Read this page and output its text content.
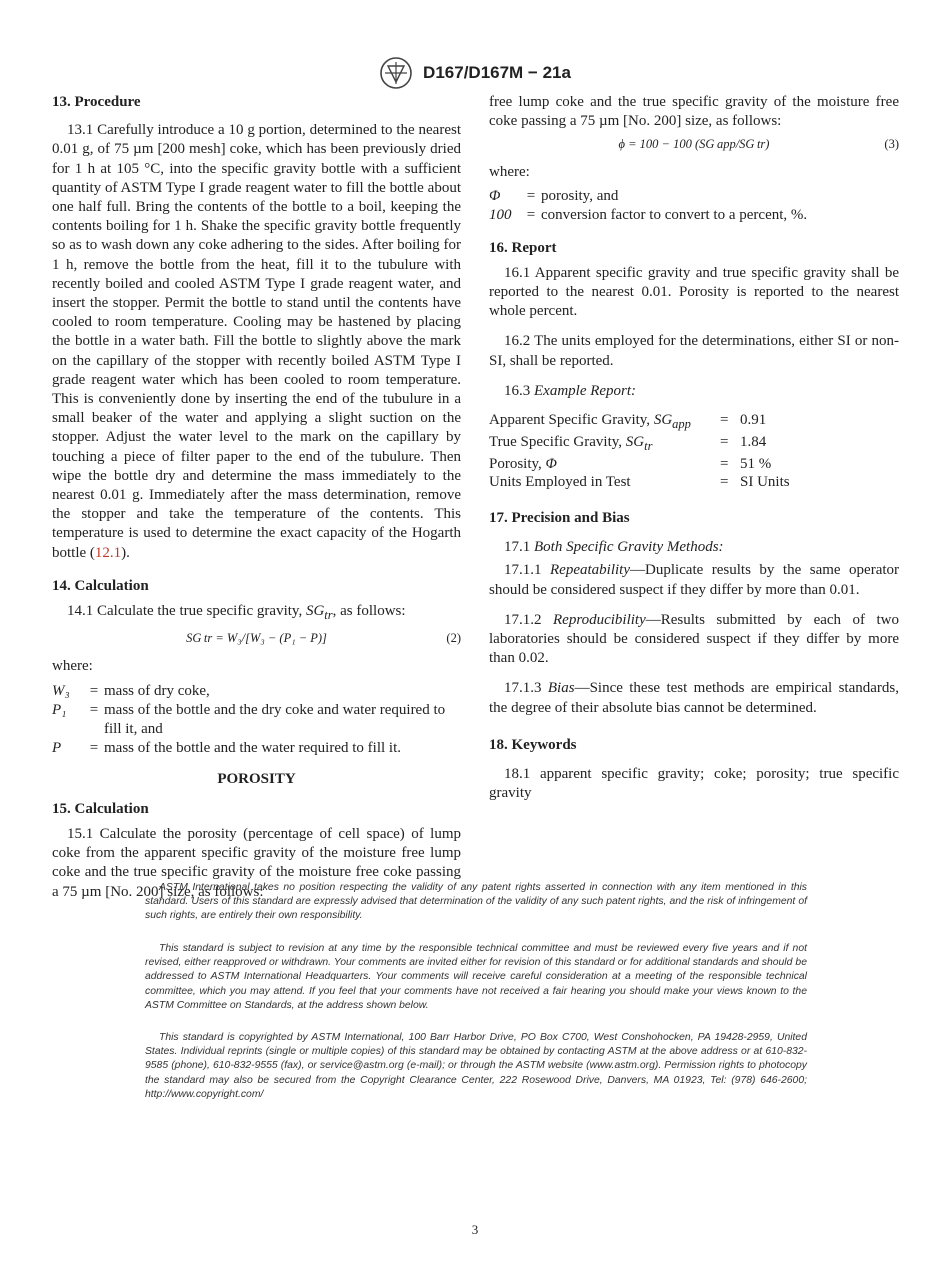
D167/D167M − 21a
13. Procedure

13.1 Carefully introduce a 10 g portion, determined to the nearest 0.01 g, of 75 µm [200 mesh] coke, which has been previously dried for 1 h at 105 °C, into the specific gravity bottle with a sufficient quantity of ASTM Type I grade reagent water to fill the bottle about one half full. Bring the contents of the bottle to a boil, keeping the contents boiling for 1 h. Shake the specific gravity bottle frequently so as to wash down any coke adhering to the sides. After boiling for 1 h, remove the bottle from the heat, fill it to the tubulure with recently boiled and cooled ASTM Type I grade reagent water, and insert the stopper. Permit the bottle to stand until the contents have cooled to room temperature. Cooling may be hastened by placing the bottle in a water bath. Fill the bottle to slightly above the mark on the capillary of the stopper with recently boiled ASTM Type I grade reagent water which has been cooled to room temperature. This is conveniently done by inserting the end of the tubulure in a small beaker of the water and applying a slight suction on the stopper. Adjust the water level to the mark on the capillary by touching a piece of filter paper to the end of the tubulure. Then wipe the bottle dry and determine the mass immediately to the nearest 0.01 g. Immediately after the mass determination, remove the stopper and take the temperature of the contents. This temperature is used to determine the exact capacity of the Hogarth bottle (12.1).

14. Calculation

14.1 Calculate the true specific gravity, $SG_{tr}$, as follows:

SG tr = W₃/[W₃ − (P₁ − P)]	(2)

where:

W₃	=	mass of dry coke,
P₁	=	mass of the bottle and the dry coke and water required to fill it, and
P	=	mass of the bottle and the water required to fill it.
POROSITY
15. Calculation

15.1 Calculate the porosity (percentage of cell space) of lump coke from the apparent specific gravity of the moisture free lump coke and the true specific gravity of the moisture free coke passing a 75 µm [No. 200] size, as follows:

free lump coke and the true specific gravity of the moisture free coke passing a 75 µm [No. 200] size, as follows:

ϕ = 100 − 100 (SG app/SG tr)	(3)

where:

Φ	=	porosity, and
100	=	conversion factor to convert to a percent, %.
16. Report

16.1 Apparent specific gravity and true specific gravity shall be reported to the nearest 0.01. Porosity is reported to the nearest whole percent.

16.2 The units employed for the determinations, either SI or non-SI, shall be reported.

16.3 Example Report:

Apparent Specific Gravity, $SG_{app}$	=	0.91
True Specific Gravity, $SG_{tr}$	=	1.84
Porosity, Φ	=	51 %
Units Employed in Test	=	SI Units
17. Precision and Bias

17.1 Both Specific Gravity Methods:

17.1.1 Repeatability—Duplicate results by the same operator should be considered suspect if they differ by more than 0.01.

17.1.2 Reproducibility—Results submitted by each of two laboratories should be considered suspect if they differ by more than 0.02.

17.1.3 Bias—Since these test methods are empirical standards, the degree of their absolute bias cannot be determined.

18. Keywords

18.1 apparent specific gravity; coke; porosity; true specific gravity

ASTM International takes no position respecting the validity of any patent rights asserted in connection with any item mentioned in this standard. Users of this standard are expressly advised that determination of the validity of any such patent rights, and the risk of infringement of such rights, are entirely their own responsibility.

This standard is subject to revision at any time by the responsible technical committee and must be reviewed every five years and if not revised, either reapproved or withdrawn. Your comments are invited either for revision of this standard or for additional standards and should be addressed to ASTM International Headquarters. Your comments will receive careful consideration at a meeting of the responsible technical committee, which you may attend. If you feel that your comments have not received a fair hearing you should make your views known to the ASTM Committee on Standards, at the address shown below.

This standard is copyrighted by ASTM International, 100 Barr Harbor Drive, PO Box C700, West Conshohocken, PA 19428-2959, United States. Individual reprints (single or multiple copies) of this standard may be obtained by contacting ASTM at the above address or at 610-832-9585 (phone), 610-832-9555 (fax), or service@astm.org (e-mail); or through the ASTM website (www.astm.org). Permission rights to photocopy the standard may also be secured from the Copyright Clearance Center, 222 Rosewood Drive, Danvers, MA 01923, Tel: (978) 646-2600; http://www.copyright.com/

3
